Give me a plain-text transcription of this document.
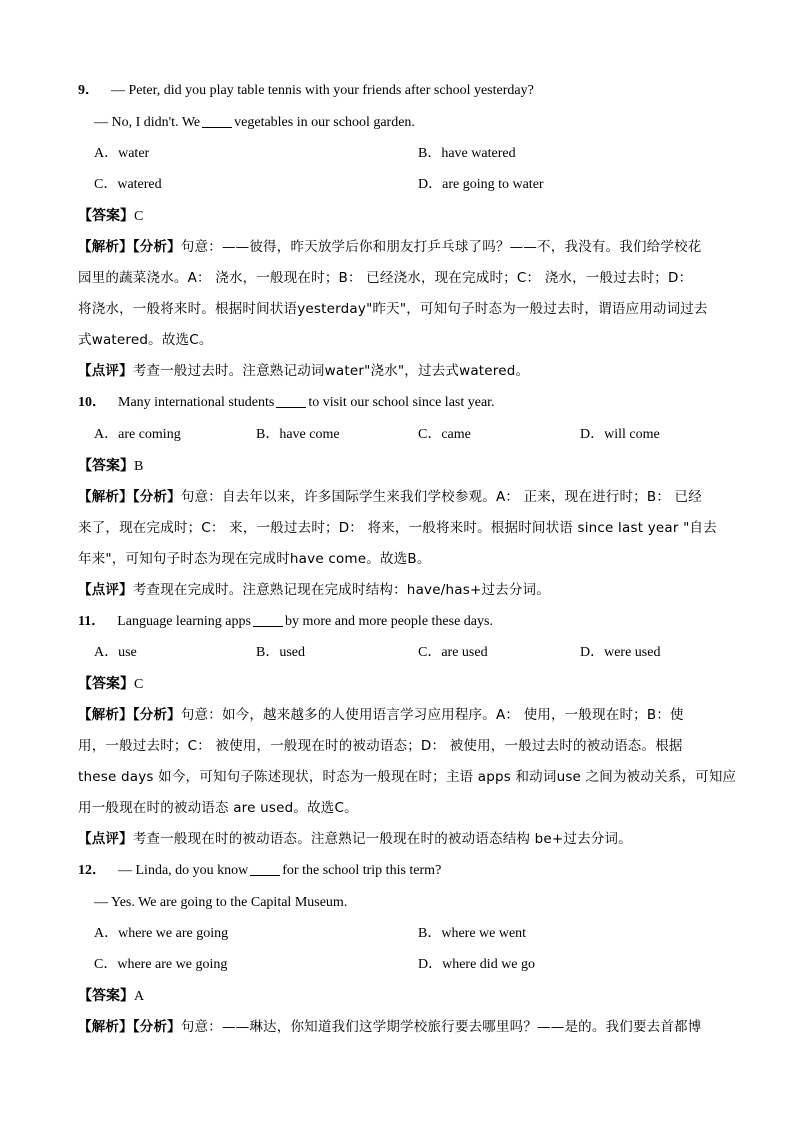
9． — Peter, did you play table tennis with your friends after school yesterday?
— No, I didn't. We vegetables in our school garden.
A．water	B．have watered
C．watered	D．are going to water
【答案】C
【解析】【分析】句意：——彼得，昨天放学后你和朋友打乒乓球了吗？——不，我没有。我们给学校花
园里的蔬菜浇水。A： 浇水，一般现在时；B： 已经浇水，现在完成时；C： 浇水，一般过去时；D：
将浇水，一般将来时。根据时间状语yesterday"昨天"，可知句子时态为一般过去时，谓语应用动词过去
式watered。故选C。
【点评】考查一般过去时。注意熟记动词water"浇水"，过去式watered。
10． Many international students to visit our school since last year.
A．are coming	B．have come	C．came	D．will come
【答案】B
【解析】【分析】句意：自去年以来，许多国际学生来我们学校参观。A： 正来，现在进行时；B： 已经
来了，现在完成时；C： 来，一般过去时；D： 将来，一般将来时。根据时间状语 since last year "自去
年来"，可知句子时态为现在完成时have come。故选B。
【点评】考查现在完成时。注意熟记现在完成时结构：have/has+过去分词。
11． Language learning apps by more and more people these days.
A．use	B．used	C．are used	D．were used
【答案】C
【解析】【分析】句意：如今，越来越多的人使用语言学习应用程序。A： 使用，一般现在时；B：使
用，一般过去时；C： 被使用，一般现在时的被动语态；D： 被使用，一般过去时的被动语态。根据
these days 如今，可知句子陈述现状，时态为一般现在时；主语 apps 和动词use 之间为被动关系，可知应
用一般现在时的被动语态 are used。故选C。
【点评】考查一般现在时的被动语态。注意熟记一般现在时的被动语态结构 be+过去分词。
12． — Linda, do you know for the school trip this term?
— Yes. We are going to the Capital Museum.
A．where we are going	B．where we went
C．where are we going	D．where did we go
【答案】A
【解析】【分析】句意：——琳达，你知道我们这学期学校旅行要去哪里吗？——是的。我们要去首都博
